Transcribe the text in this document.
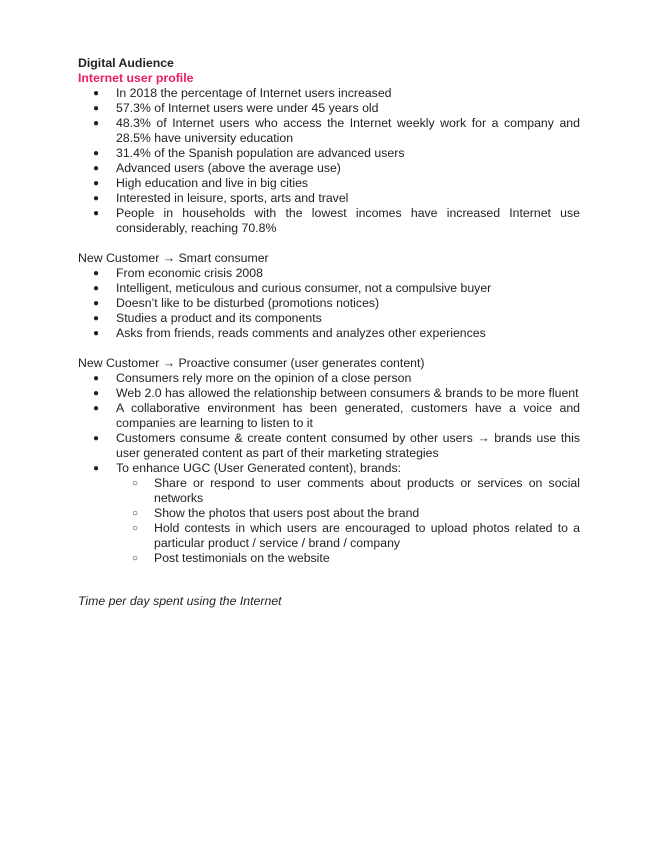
Digital Audience
Internet user profile
● In 2018 the percentage of Internet users increased
● 57.3% of Internet users were under 45 years old
● 48.3% of Internet users who access the Internet weekly work for a company and 28.5% have university education
● 31.4% of the Spanish population are advanced users
● Advanced users (above the average use)
● High education and live in big cities
● Interested in leisure, sports, arts and travel
● People in households with the lowest incomes have increased Internet use considerably, reaching 70.8%
New Customer → Smart consumer
● From economic crisis 2008
● Intelligent, meticulous and curious consumer, not a compulsive buyer
● Doesn’t like to be disturbed (promotions notices)
● Studies a product and its components
● Asks from friends, reads comments and analyzes other experiences
New Customer → Proactive consumer (user generates content)
● Consumers rely more on the opinion of a close person
● Web 2.0 has allowed the relationship between consumers & brands to be more fluent
● A collaborative environment has been generated, customers have a voice and companies are learning to listen to it
● Customers consume & create content consumed by other users → brands use this user generated content as part of their marketing strategies
● To enhance UGC (User Generated content), brands:
○ Share or respond to user comments about products or services on social networks
○ Show the photos that users post about the brand
○ Hold contests in which users are encouraged to upload photos related to a particular product / service / brand / company
○ Post testimonials on the website
Time per day spent using the Internet
